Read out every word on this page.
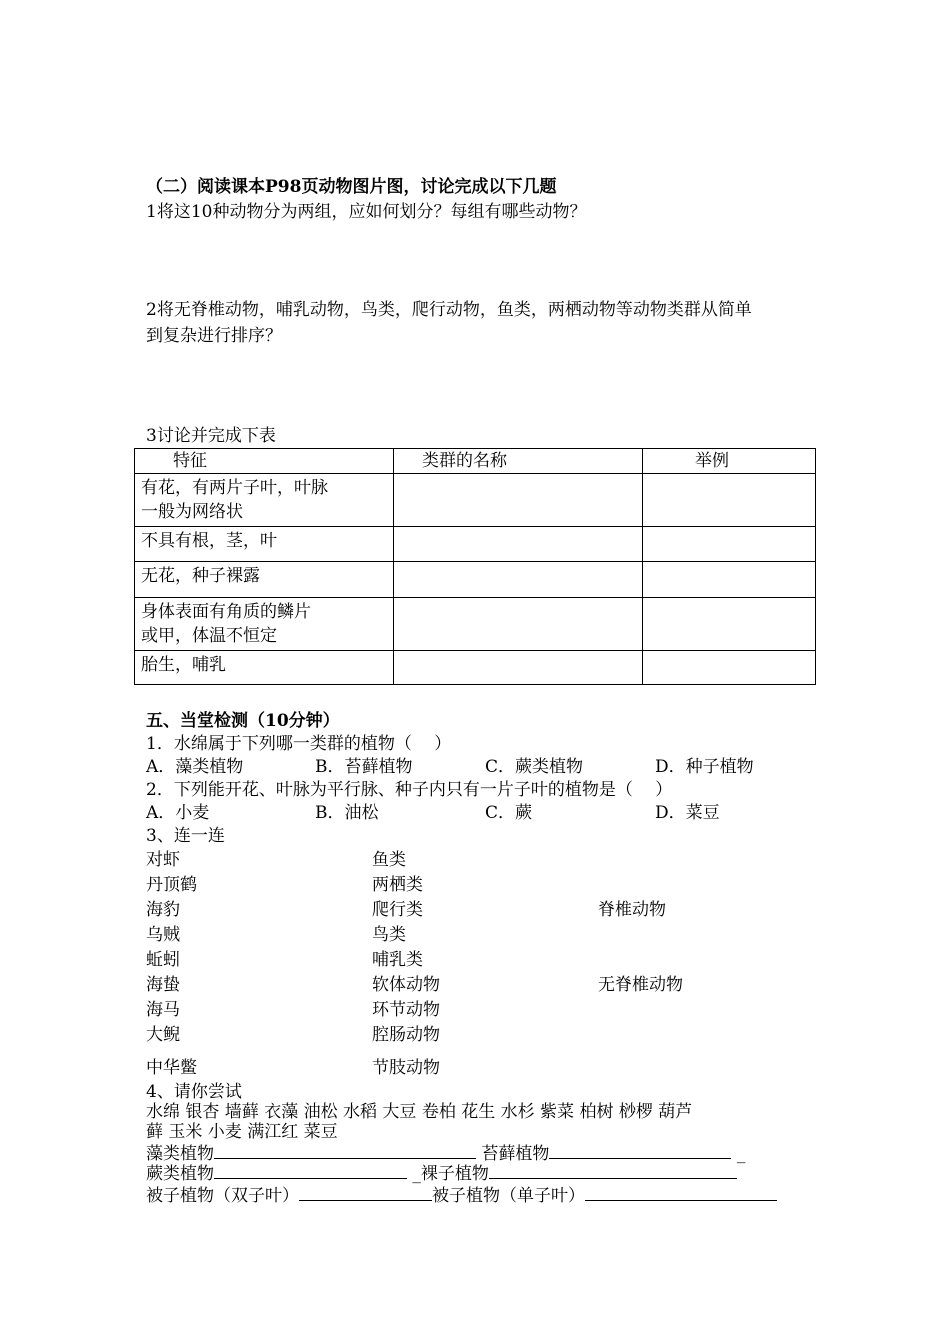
（二）阅读课本P98页动物图片图，讨论完成以下几题
1将这10种动物分为两组，应如何划分？每组有哪些动物？
2将无脊椎动物，哺乳动物，鸟类，爬行动物，鱼类，两栖动物等动物类群从简单
到复杂进行排序？
3讨论并完成下表
特征	类群的名称	举例

有花，有两片子叶，叶脉
一般为网络状		

不具有根，茎，叶		

无花，种子裸露		

身体表面有角质的鳞片
或甲，体温不恒定		

胎生，哺乳		

五、当堂检测（10分钟）
1．水绵属于下列哪一类群的植物（　 ）
A．藻类植物	B．苔藓植物	C．蕨类植物	D．种子植物
2．下列能开花、叶脉为平行脉、种子内只有一片子叶的植物是（　 ）
A．小麦	B．油松	C．蕨	D．菜豆
3、连一连
对虾
丹顶鹤
海豹
乌贼
蚯蚓
海蛰
海马
大鲵
中华鳖
鱼类
两栖类
爬行类
鸟类
哺乳类
软体动物
环节动物
腔肠动物
节肢动物
脊椎动物
无脊椎动物
4、请你尝试
水绵 银杏 墙藓 衣藻 油松 水稻 大豆 卷柏 花生 水杉 紫菜 柏树 桫椤 葫芦
藓 玉米 小麦 满江红 菜豆
藻类植物	苔藓植物	_
蕨类植物	_裸子植物
被子植物（双子叶）	被子植物（单子叶）
